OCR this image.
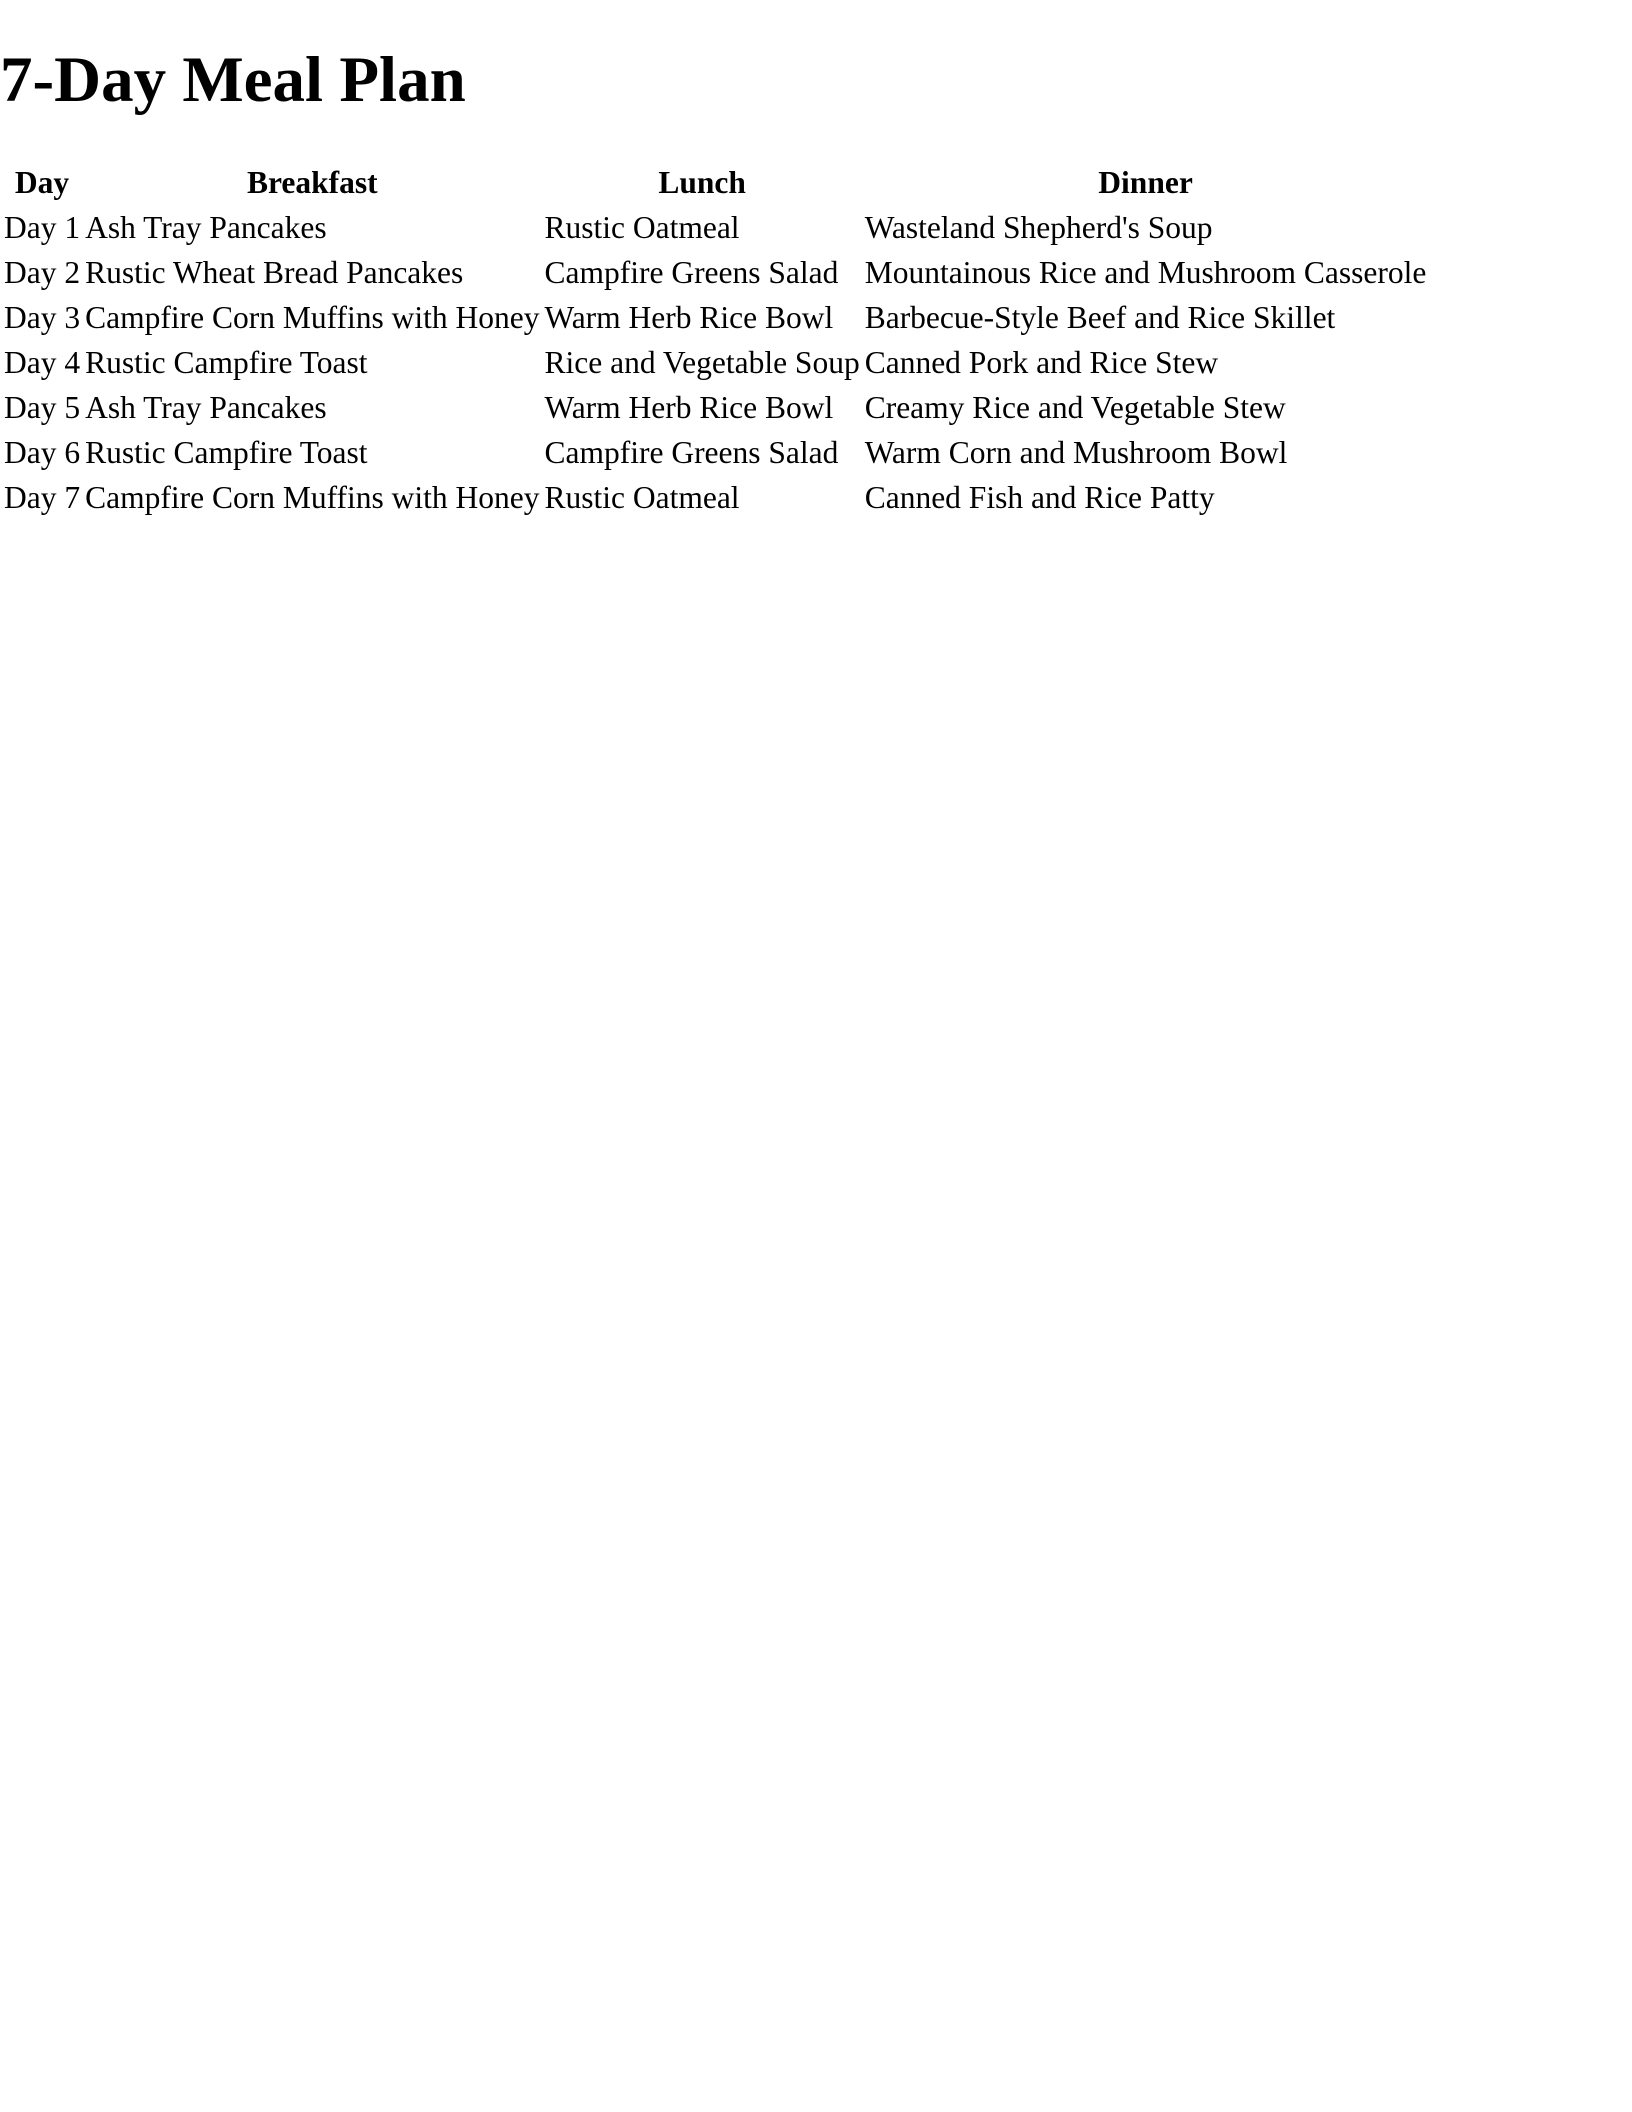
7-Day Meal Plan
Day	Breakfast	Lunch	Dinner
Day 1	Ash Tray Pancakes	Rustic Oatmeal	Wasteland Shepherd's Soup
Day 2	Rustic Wheat Bread Pancakes	Campfire Greens Salad	Mountainous Rice and Mushroom Casserole
Day 3	Campfire Corn Muffins with Honey	Warm Herb Rice Bowl	Barbecue-Style Beef and Rice Skillet
Day 4	Rustic Campfire Toast	Rice and Vegetable Soup	Canned Pork and Rice Stew
Day 5	Ash Tray Pancakes	Warm Herb Rice Bowl	Creamy Rice and Vegetable Stew
Day 6	Rustic Campfire Toast	Campfire Greens Salad	Warm Corn and Mushroom Bowl
Day 7	Campfire Corn Muffins with Honey	Rustic Oatmeal	Canned Fish and Rice Patty
